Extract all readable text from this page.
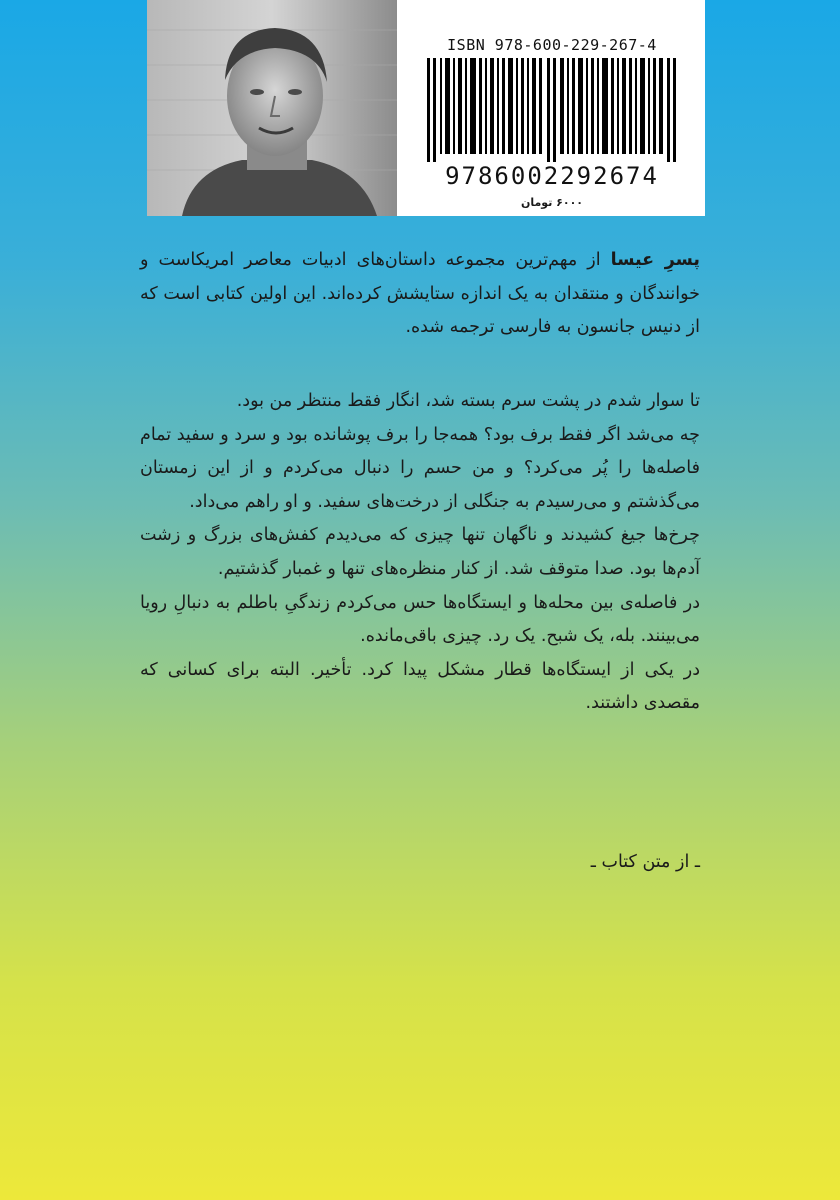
ISBN 978-600-229-267-4
9786002292674
۶۰۰۰ تومان
پسرِ عیسا از مهم‌ترین مجموعه داستان‌های ادبیات معاصر امریکاست و خوانندگان و منتقدان به یک اندازه ستایشش کرده‌اند. این اولین کتابی است که از دنیس جانسون به فارسی ترجمه شده.

تا سوار شدم در پشت سرم بسته شد، انگار فقط منتظر من بود.

چه می‌شد اگر فقط برف بود؟ همه‌جا را برف پوشانده بود و سرد و سفید تمام فاصله‌ها را پُر می‌کرد؟ و من حسم را دنبال می‌کردم و از این زمستان می‌گذشتم و می‌رسیدم به جنگلی از درخت‌های سفید. و او راهم می‌داد.

چرخ‌ها جیغ کشیدند و ناگهان تنها چیزی که می‌دیدم کفش‌های بزرگ و زشت آدم‌ها بود. صدا متوقف شد. از کنار منظره‌های تنها و غمبار گذشتیم.

در فاصله‌ی بین محله‌ها و ایستگاه‌ها حس می‌کردم زندگیِ باطلم به دنبالِ رویا می‌بینند. بله، یک شبح. یک رد. چیزی باقی‌مانده.

در یکی از ایستگاه‌ها قطار مشکل پیدا کرد. تأخیر. البته برای کسانی که مقصدی داشتند.

ـ از متن کتاب ـ
